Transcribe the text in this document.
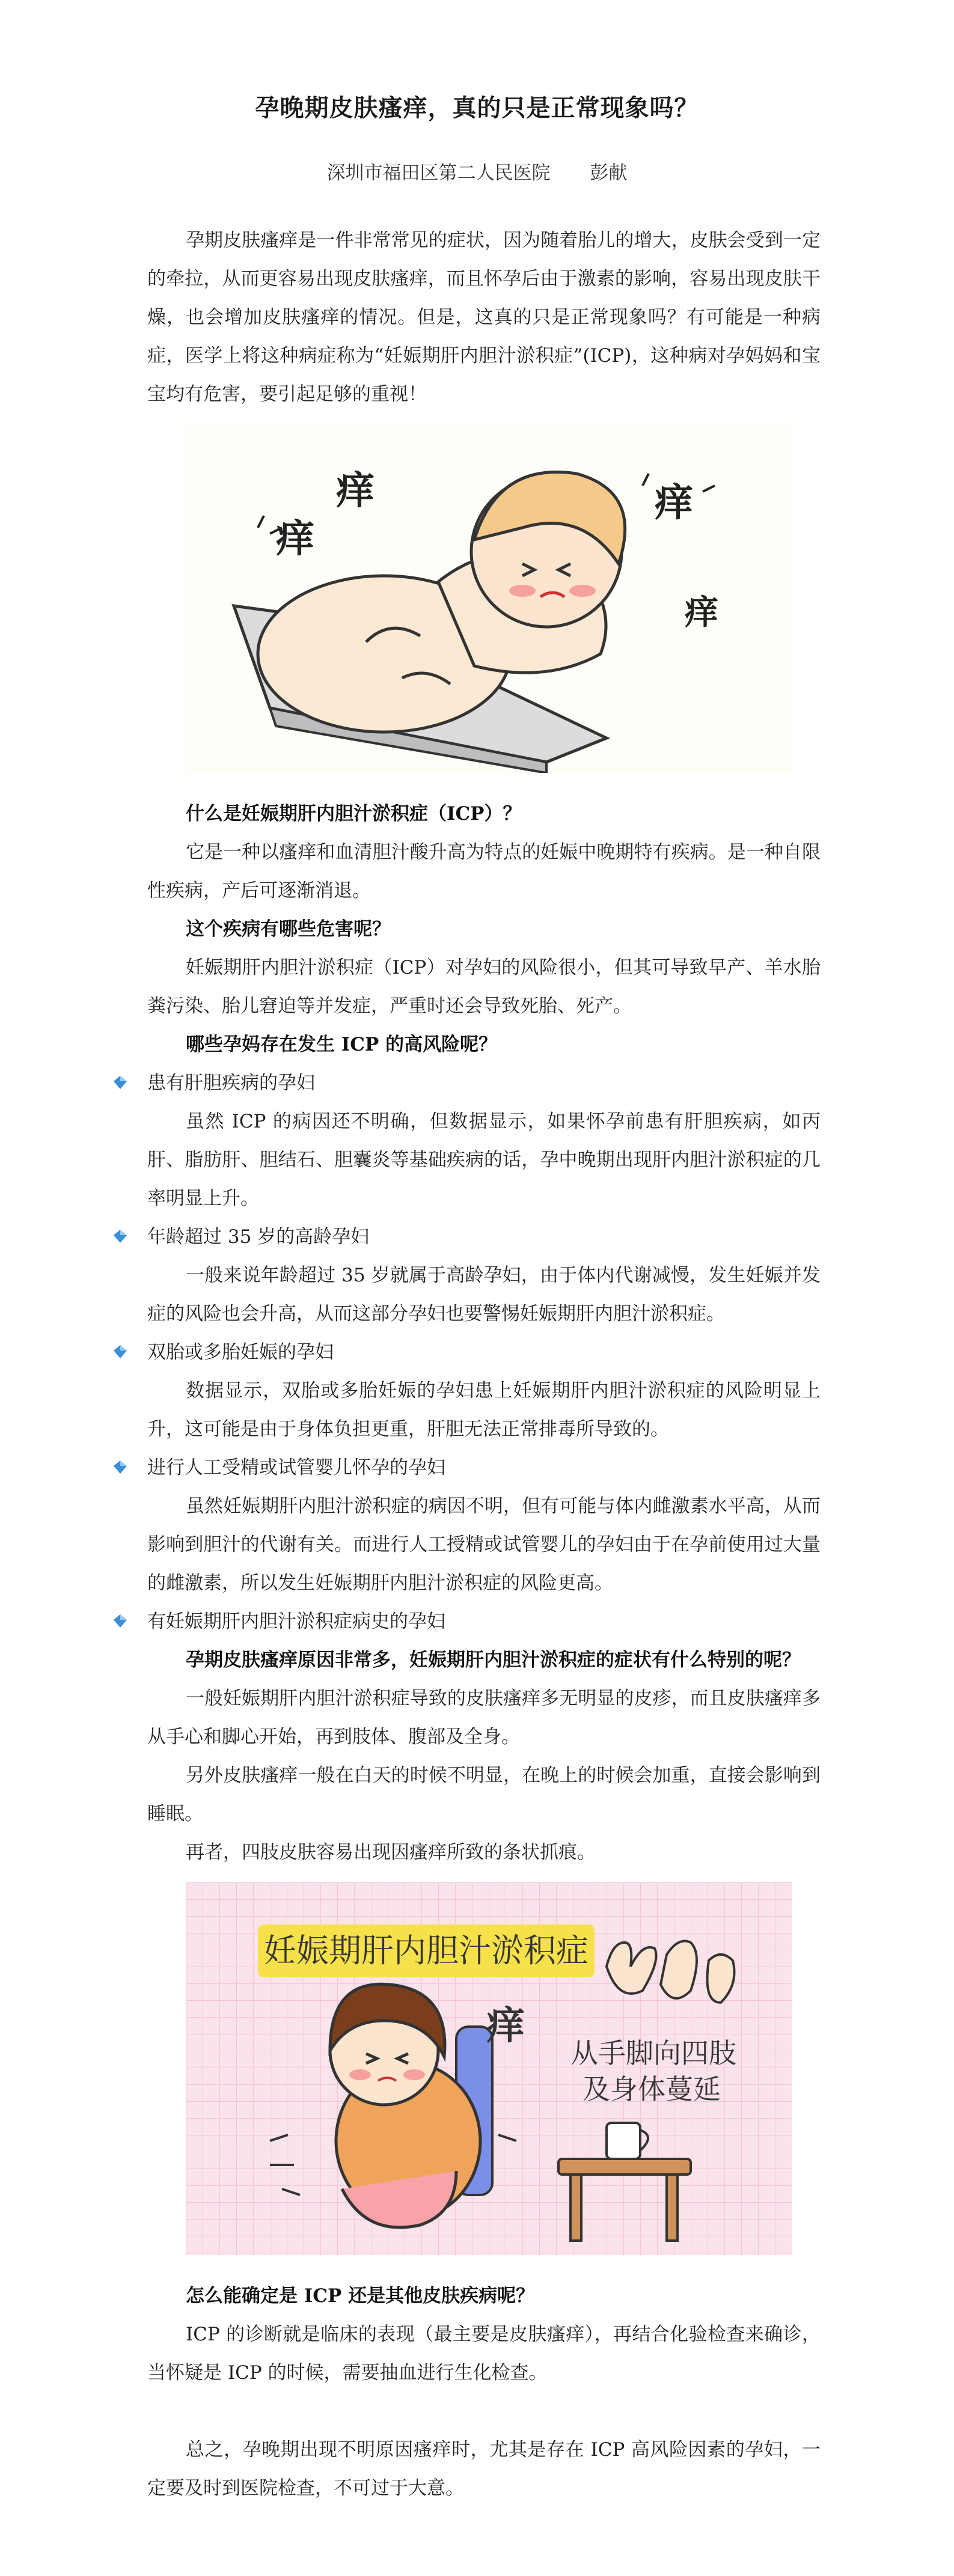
孕晚期皮肤瘙痒，真的只是正常现象吗？
深圳市福田区第二人民医院 彭献

孕期皮肤瘙痒是一件非常常见的症状，因为随着胎儿的增大，皮肤会受到一定的牵拉，从而更容易出现皮肤瘙痒，而且怀孕后由于激素的影响，容易出现皮肤干燥，也会增加皮肤瘙痒的情况。但是，这真的只是正常现象吗？有可能是一种病症，医学上将这种病症称为“妊娠期肝内胆汁淤积症”(ICP)，这种病对孕妈妈和宝宝均有危害，要引起足够的重视！

痒
痒	痒
痒

什么是妊娠期肝内胆汁淤积症（ICP）？

它是一种以瘙痒和血清胆汁酸升高为特点的妊娠中晚期特有疾病。是一种自限性疾病，产后可逐渐消退。

这个疾病有哪些危害呢？

妊娠期肝内胆汁淤积症（ICP）对孕妇的风险很小，但其可导致早产、羊水胎粪污染、胎儿窘迫等并发症，严重时还会导致死胎、死产。

哪些孕妈存在发生 ICP 的高风险呢？

患有肝胆疾病的孕妇

虽然 ICP 的病因还不明确，但数据显示，如果怀孕前患有肝胆疾病，如丙肝、脂肪肝、胆结石、胆囊炎等基础疾病的话，孕中晚期出现肝内胆汁淤积症的几率明显上升。

年龄超过 35 岁的高龄孕妇

一般来说年龄超过 35 岁就属于高龄孕妇，由于体内代谢减慢，发生妊娠并发症的风险也会升高，从而这部分孕妇也要警惕妊娠期肝内胆汁淤积症。

双胎或多胎妊娠的孕妇

数据显示，双胎或多胎妊娠的孕妇患上妊娠期肝内胆汁淤积症的风险明显上升，这可能是由于身体负担更重，肝胆无法正常排毒所导致的。

进行人工受精或试管婴儿怀孕的孕妇

虽然妊娠期肝内胆汁淤积症的病因不明，但有可能与体内雌激素水平高，从而影响到胆汁的代谢有关。而进行人工授精或试管婴儿的孕妇由于在孕前使用过大量的雌激素，所以发生妊娠期肝内胆汁淤积症的风险更高。

有妊娠期肝内胆汁淤积症病史的孕妇

孕期皮肤瘙痒原因非常多，妊娠期肝内胆汁淤积症的症状有什么特别的呢？

一般妊娠期肝内胆汁淤积症导致的皮肤瘙痒多无明显的皮疹，而且皮肤瘙痒多从手心和脚心开始，再到肢体、腹部及全身。

另外皮肤瘙痒一般在白天的时候不明显，在晚上的时候会加重，直接会影响到睡眠。

再者，四肢皮肤容易出现因瘙痒所致的条状抓痕。

妊娠期肝内胆汁淤积症
痒
从手脚向四肢
及身体蔓延

怎么能确定是 ICP 还是其他皮肤疾病呢？

ICP 的诊断就是临床的表现（最主要是皮肤瘙痒），再结合化验检查来确诊，当怀疑是 ICP 的时候，需要抽血进行生化检查。

总之，孕晚期出现不明原因瘙痒时，尤其是存在 ICP 高风险因素的孕妇，一定要及时到医院检查，不可过于大意。
